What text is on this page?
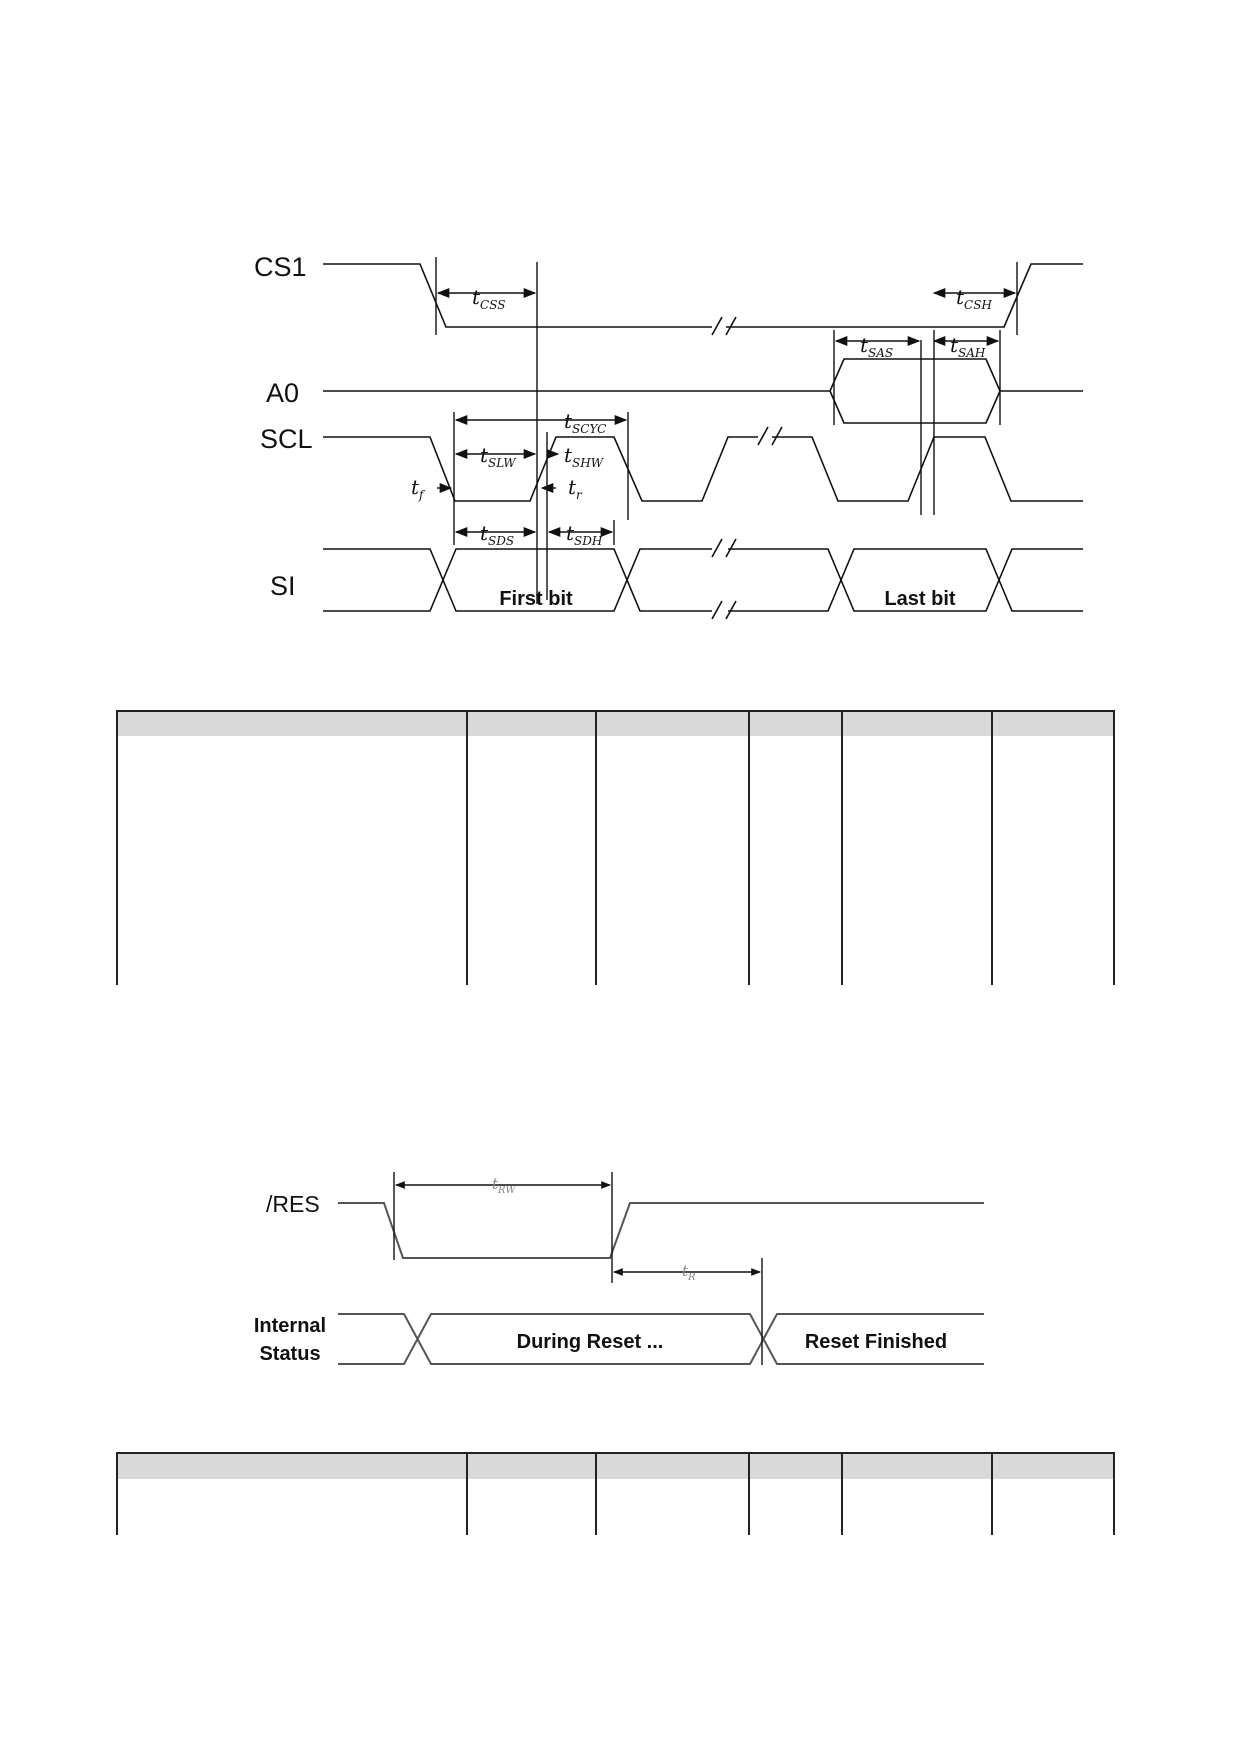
CS1
A0
SCL
SI
$t_{CSS}$	$t_{CSH}$
$t_{SAS}$	$t_{SAH}$
$t_{SCYC}$
$t_{SLW}$ $t_{SHW}$
$t_f$	$t_r$
$t_{SDS}$	$t_{SDH}$
First bit	Last bit
/RES
Internal
Status
$t_{RW}$
$t_R$
During Reset ...	Reset Finished
